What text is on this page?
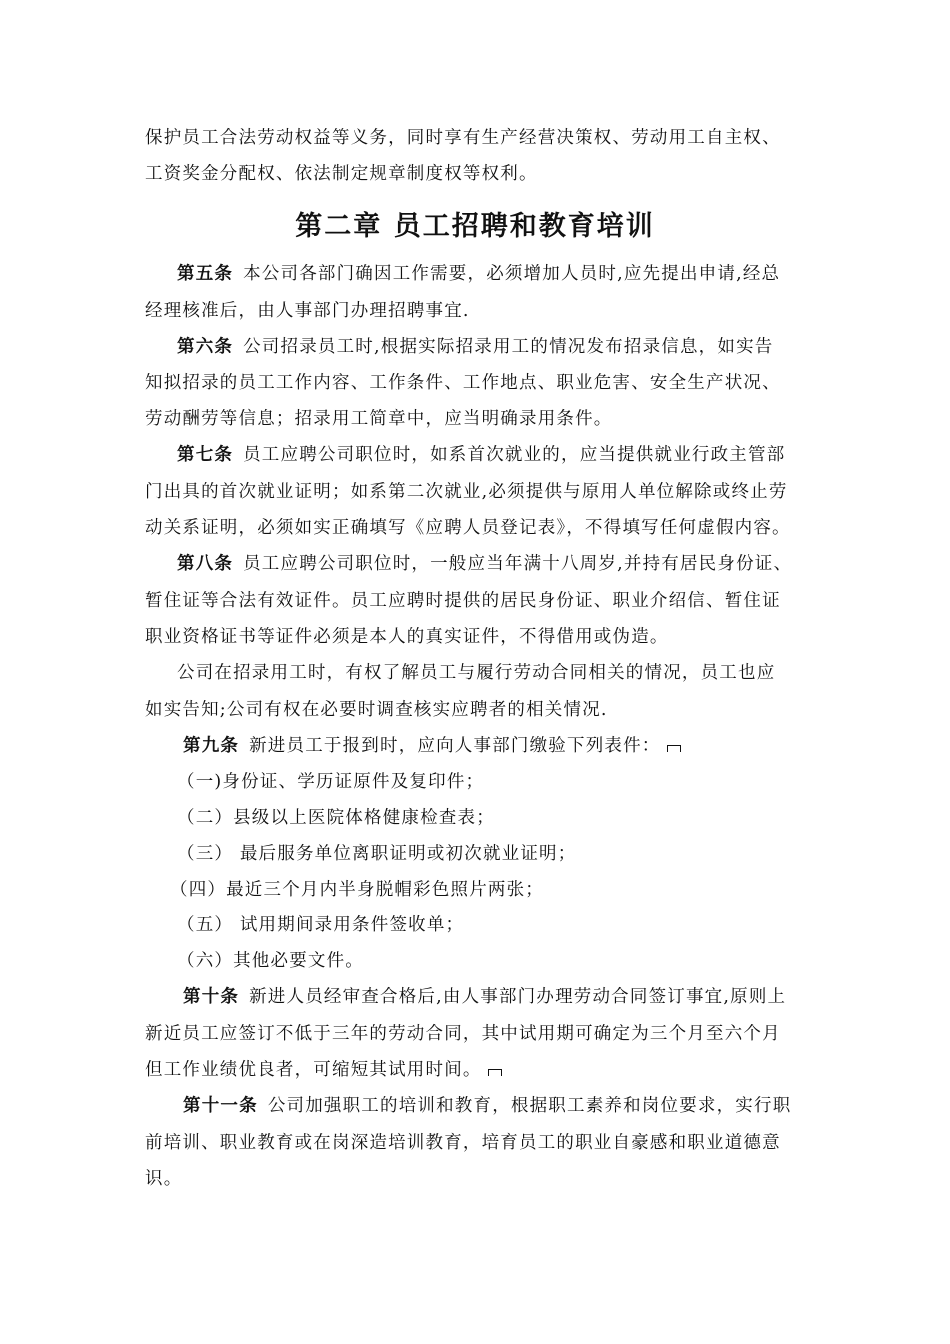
保护员工合法劳动权益等义务，同时享有生产经营决策权、劳动用工自主权、
工资奖金分配权、依法制定规章制度权等权利。
第二章 员工招聘和教育培训
第五条 本公司各部门确因工作需要，必须增加人员时,应先提出申请,经总
经理核准后，由人事部门办理招聘事宜.
第六条 公司招录员工时,根据实际招录用工的情况发布招录信息，如实告
知拟招录的员工工作内容、工作条件、工作地点、职业危害、安全生产状况、
劳动酬劳等信息；招录用工简章中，应当明确录用条件。
第七条 员工应聘公司职位时，如系首次就业的，应当提供就业行政主管部
门出具的首次就业证明；如系第二次就业,必须提供与原用人单位解除或终止劳
动关系证明，必须如实正确填写《应聘人员登记表》，不得填写任何虚假内容。
第八条 员工应聘公司职位时，一般应当年满十八周岁,并持有居民身份证、
暂住证等合法有效证件。员工应聘时提供的居民身份证、职业介绍信、暂住证
职业资格证书等证件必须是本人的真实证件，不得借用或伪造。
公司在招录用工时，有权了解员工与履行劳动合同相关的情况，员工也应
如实告知;公司有权在必要时调查核实应聘者的相关情况.
第九条 新进员工于报到时，应向人事部门缴验下列表件：
（一)身份证、学历证原件及复印件；
（二）县级以上医院体格健康检查表；
（三） 最后服务单位离职证明或初次就业证明；
（四）最近三个月内半身脱帽彩色照片两张；
（五） 试用期间录用条件签收单；
（六）其他必要文件。
第十条 新进人员经审查合格后,由人事部门办理劳动合同签订事宜,原则上
新近员工应签订不低于三年的劳动合同，其中试用期可确定为三个月至六个月
但工作业绩优良者，可缩短其试用时间。
第十一条 公司加强职工的培训和教育，根据职工素养和岗位要求，实行职
前培训、职业教育或在岗深造培训教育，培育员工的职业自豪感和职业道德意
识。
